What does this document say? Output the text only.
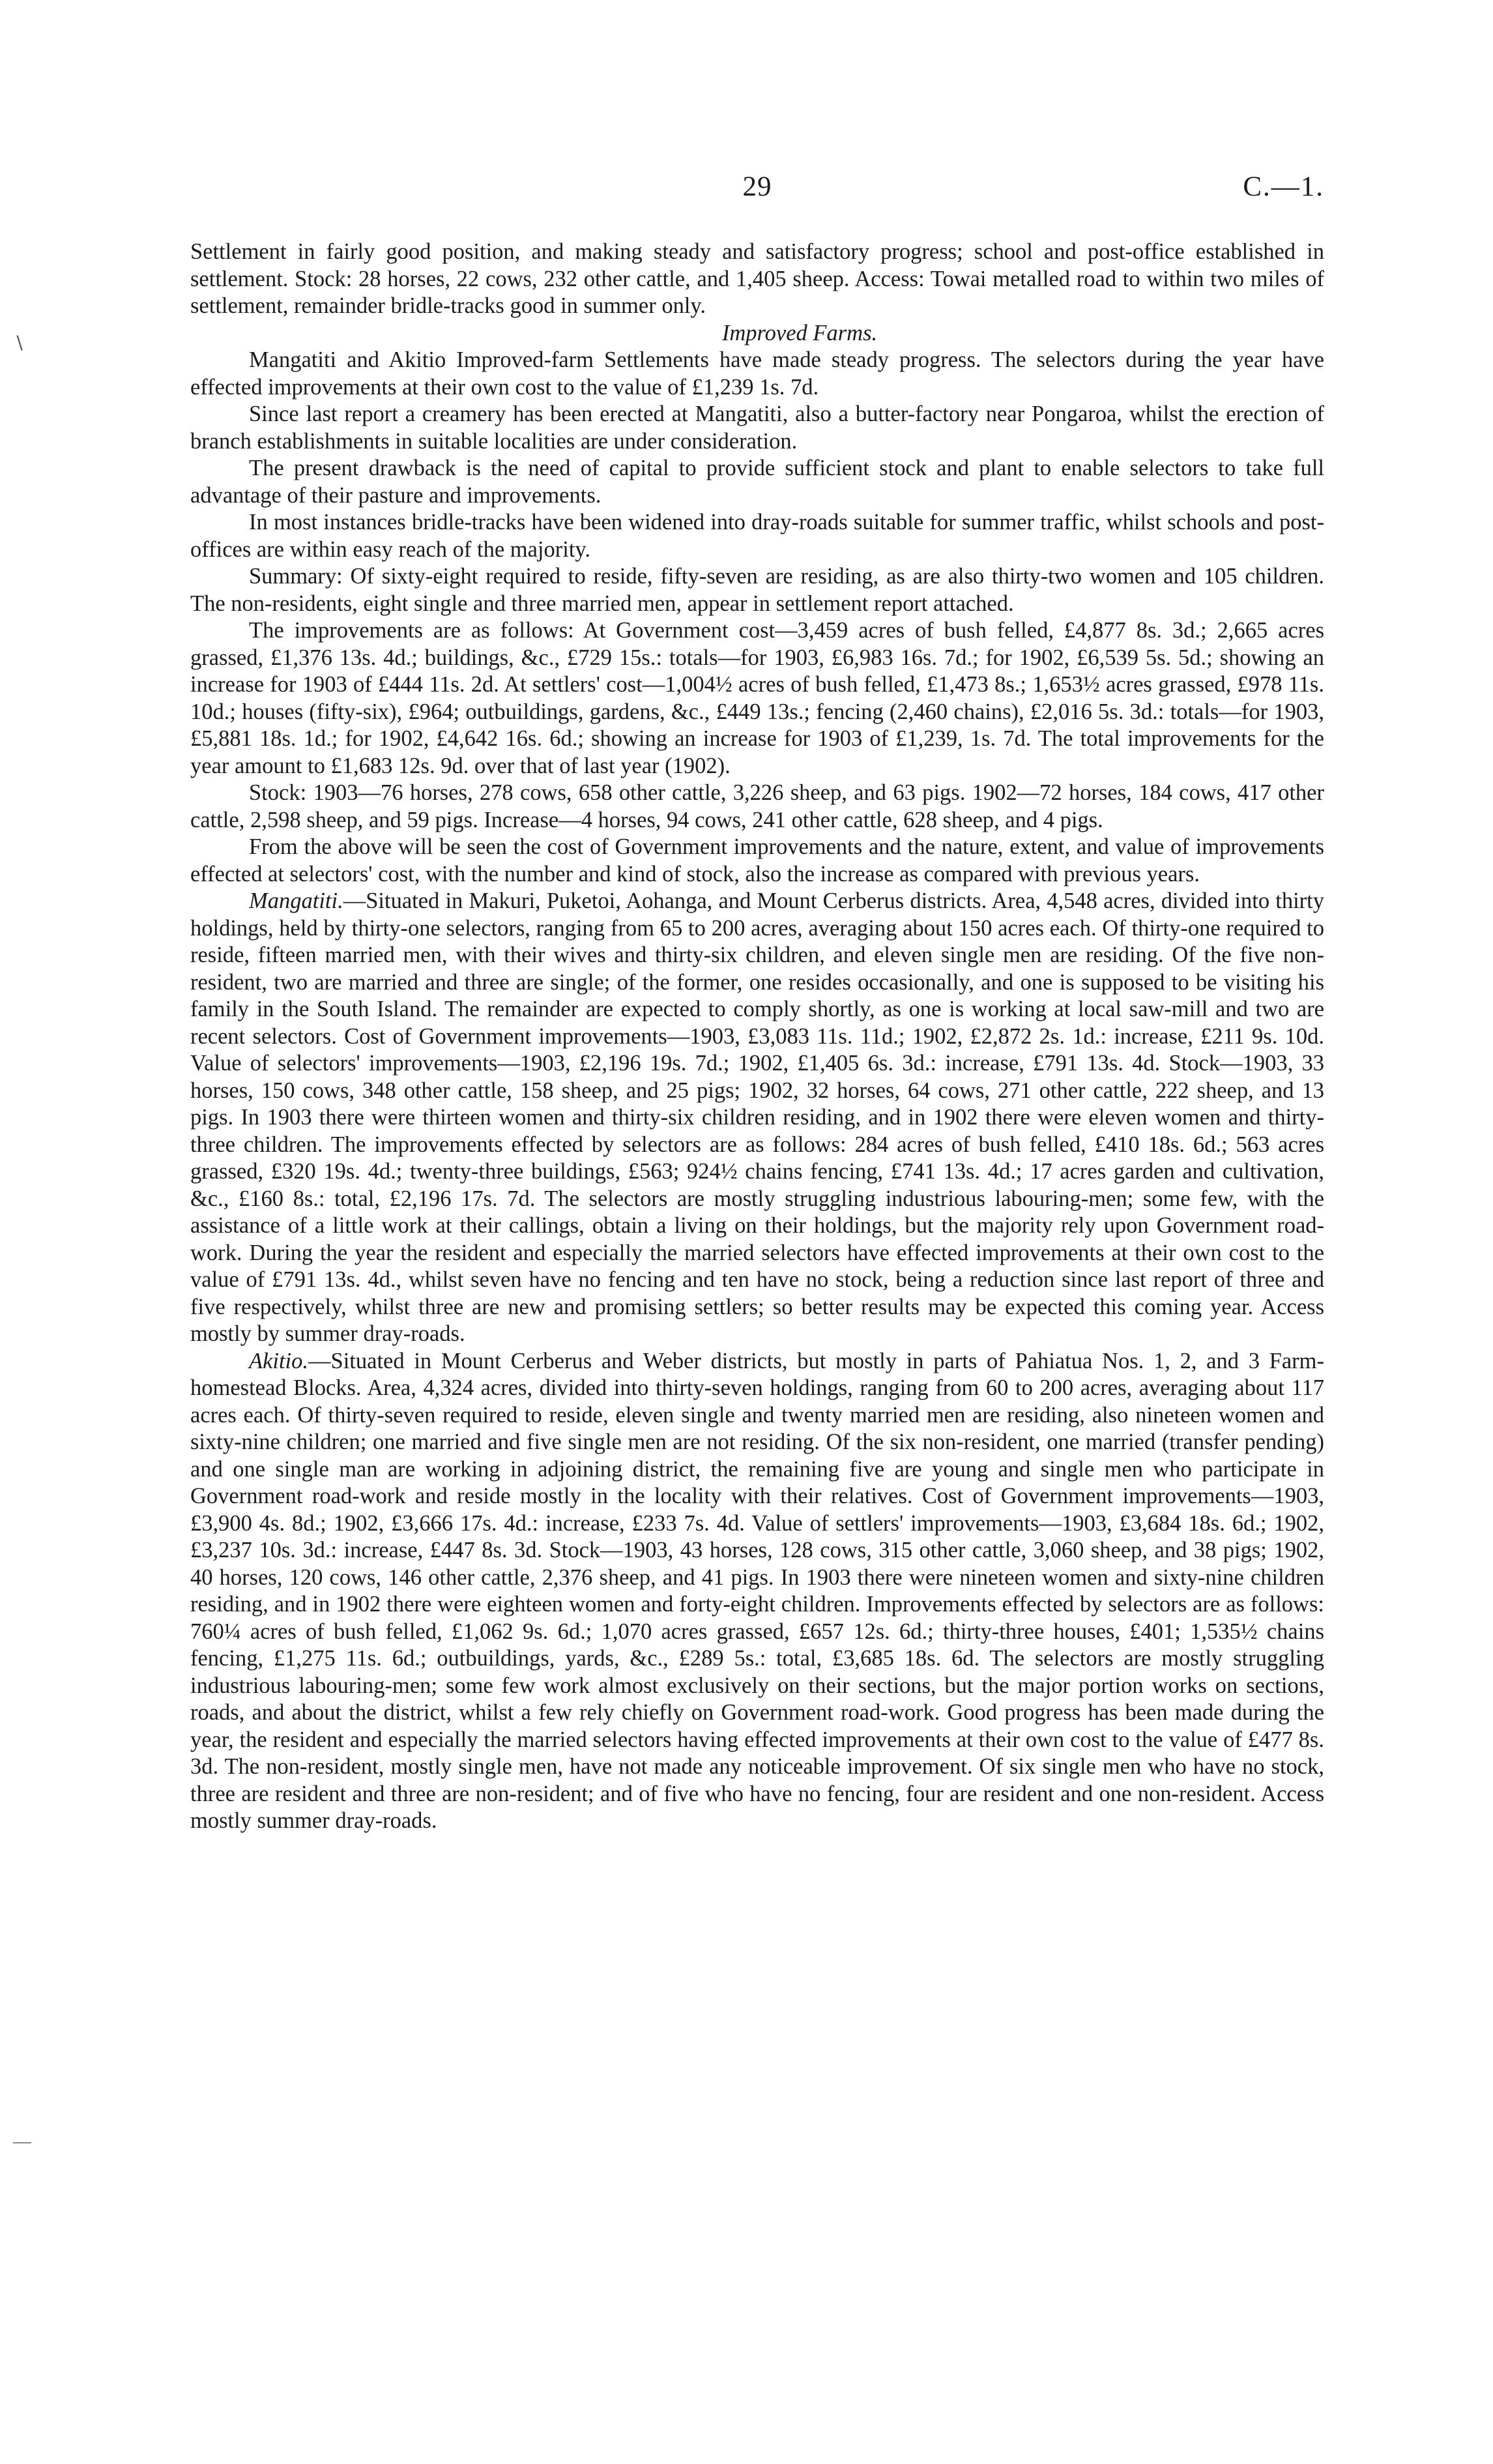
29	C.—1.
∖
—

Settlement in fairly good position, and making steady and satisfactory progress; school and post-office established in settlement. Stock: 28 horses, 22 cows, 232 other cattle, and 1,405 sheep. Access: Towai metalled road to within two miles of settlement, remainder bridle-tracks good in summer only.

Improved Farms.

Mangatiti and Akitio Improved-farm Settlements have made steady progress. The selectors during the year have effected improvements at their own cost to the value of £1,239 1s. 7d.

Since last report a creamery has been erected at Mangatiti, also a butter-factory near Pongaroa, whilst the erection of branch establishments in suitable localities are under consideration.

The present drawback is the need of capital to provide sufficient stock and plant to enable selectors to take full advantage of their pasture and improvements.

In most instances bridle-tracks have been widened into dray-roads suitable for summer traffic, whilst schools and post-offices are within easy reach of the majority.

Summary: Of sixty-eight required to reside, fifty-seven are residing, as are also thirty-two women and 105 children. The non-residents, eight single and three married men, appear in settlement report attached.

The improvements are as follows: At Government cost—3,459 acres of bush felled, £4,877 8s. 3d.; 2,665 acres grassed, £1,376 13s. 4d.; buildings, &c., £729 15s.: totals—for 1903, £6,983 16s. 7d.; for 1902, £6,539 5s. 5d.; showing an increase for 1903 of £444 11s. 2d. At settlers' cost—1,004½ acres of bush felled, £1,473 8s.; 1,653½ acres grassed, £978 11s. 10d.; houses (fifty-six), £964; outbuildings, gardens, &c., £449 13s.; fencing (2,460 chains), £2,016 5s. 3d.: totals—for 1903, £5,881 18s. 1d.; for 1902, £4,642 16s. 6d.; showing an increase for 1903 of £1,239, 1s. 7d. The total improvements for the year amount to £1,683 12s. 9d. over that of last year (1902).

Stock: 1903—76 horses, 278 cows, 658 other cattle, 3,226 sheep, and 63 pigs. 1902—72 horses, 184 cows, 417 other cattle, 2,598 sheep, and 59 pigs. Increase—4 horses, 94 cows, 241 other cattle, 628 sheep, and 4 pigs.

From the above will be seen the cost of Government improvements and the nature, extent, and value of improvements effected at selectors' cost, with the number and kind of stock, also the increase as compared with previous years.

Mangatiti.—Situated in Makuri, Puketoi, Aohanga, and Mount Cerberus districts. Area, 4,548 acres, divided into thirty holdings, held by thirty-one selectors, ranging from 65 to 200 acres, averaging about 150 acres each. Of thirty-one required to reside, fifteen married men, with their wives and thirty-six children, and eleven single men are residing. Of the five non-resident, two are married and three are single; of the former, one resides occasionally, and one is supposed to be visiting his family in the South Island. The remainder are expected to comply shortly, as one is working at local saw-mill and two are recent selectors. Cost of Government improvements—1903, £3,083 11s. 11d.; 1902, £2,872 2s. 1d.: increase, £211 9s. 10d. Value of selectors' improvements—1903, £2,196 19s. 7d.; 1902, £1,405 6s. 3d.: increase, £791 13s. 4d. Stock—1903, 33 horses, 150 cows, 348 other cattle, 158 sheep, and 25 pigs; 1902, 32 horses, 64 cows, 271 other cattle, 222 sheep, and 13 pigs. In 1903 there were thirteen women and thirty-six children residing, and in 1902 there were eleven women and thirty-three children. The improvements effected by selectors are as follows: 284 acres of bush felled, £410 18s. 6d.; 563 acres grassed, £320 19s. 4d.; twenty-three buildings, £563; 924½ chains fencing, £741 13s. 4d.; 17 acres garden and cultivation, &c., £160 8s.: total, £2,196 17s. 7d. The selectors are mostly struggling industrious labouring-men; some few, with the assistance of a little work at their callings, obtain a living on their holdings, but the majority rely upon Government road-work. During the year the resident and especially the married selectors have effected improvements at their own cost to the value of £791 13s. 4d., whilst seven have no fencing and ten have no stock, being a reduction since last report of three and five respectively, whilst three are new and promising settlers; so better results may be expected this coming year. Access mostly by summer dray-roads.

Akitio.—Situated in Mount Cerberus and Weber districts, but mostly in parts of Pahiatua Nos. 1, 2, and 3 Farm-homestead Blocks. Area, 4,324 acres, divided into thirty-seven holdings, ranging from 60 to 200 acres, averaging about 117 acres each. Of thirty-seven required to reside, eleven single and twenty married men are residing, also nineteen women and sixty-nine children; one married and five single men are not residing. Of the six non-resident, one married (transfer pending) and one single man are working in adjoining district, the remaining five are young and single men who participate in Government road-work and reside mostly in the locality with their relatives. Cost of Government improvements—1903, £3,900 4s. 8d.; 1902, £3,666 17s. 4d.: increase, £233 7s. 4d. Value of settlers' improvements—1903, £3,684 18s. 6d.; 1902, £3,237 10s. 3d.: increase, £447 8s. 3d. Stock—1903, 43 horses, 128 cows, 315 other cattle, 3,060 sheep, and 38 pigs; 1902, 40 horses, 120 cows, 146 other cattle, 2,376 sheep, and 41 pigs. In 1903 there were nineteen women and sixty-nine children residing, and in 1902 there were eighteen women and forty-eight children. Improvements effected by selectors are as follows: 760¼ acres of bush felled, £1,062 9s. 6d.; 1,070 acres grassed, £657 12s. 6d.; thirty-three houses, £401; 1,535½ chains fencing, £1,275 11s. 6d.; outbuildings, yards, &c., £289 5s.: total, £3,685 18s. 6d. The selectors are mostly struggling industrious labouring-men; some few work almost exclusively on their sections, but the major portion works on sections, roads, and about the district, whilst a few rely chiefly on Government road-work. Good progress has been made during the year, the resident and especially the married selectors having effected improvements at their own cost to the value of £477 8s. 3d. The non-resident, mostly single men, have not made any noticeable improvement. Of six single men who have no stock, three are resident and three are non-resident; and of five who have no fencing, four are resident and one non-resident. Access mostly summer dray-roads.
